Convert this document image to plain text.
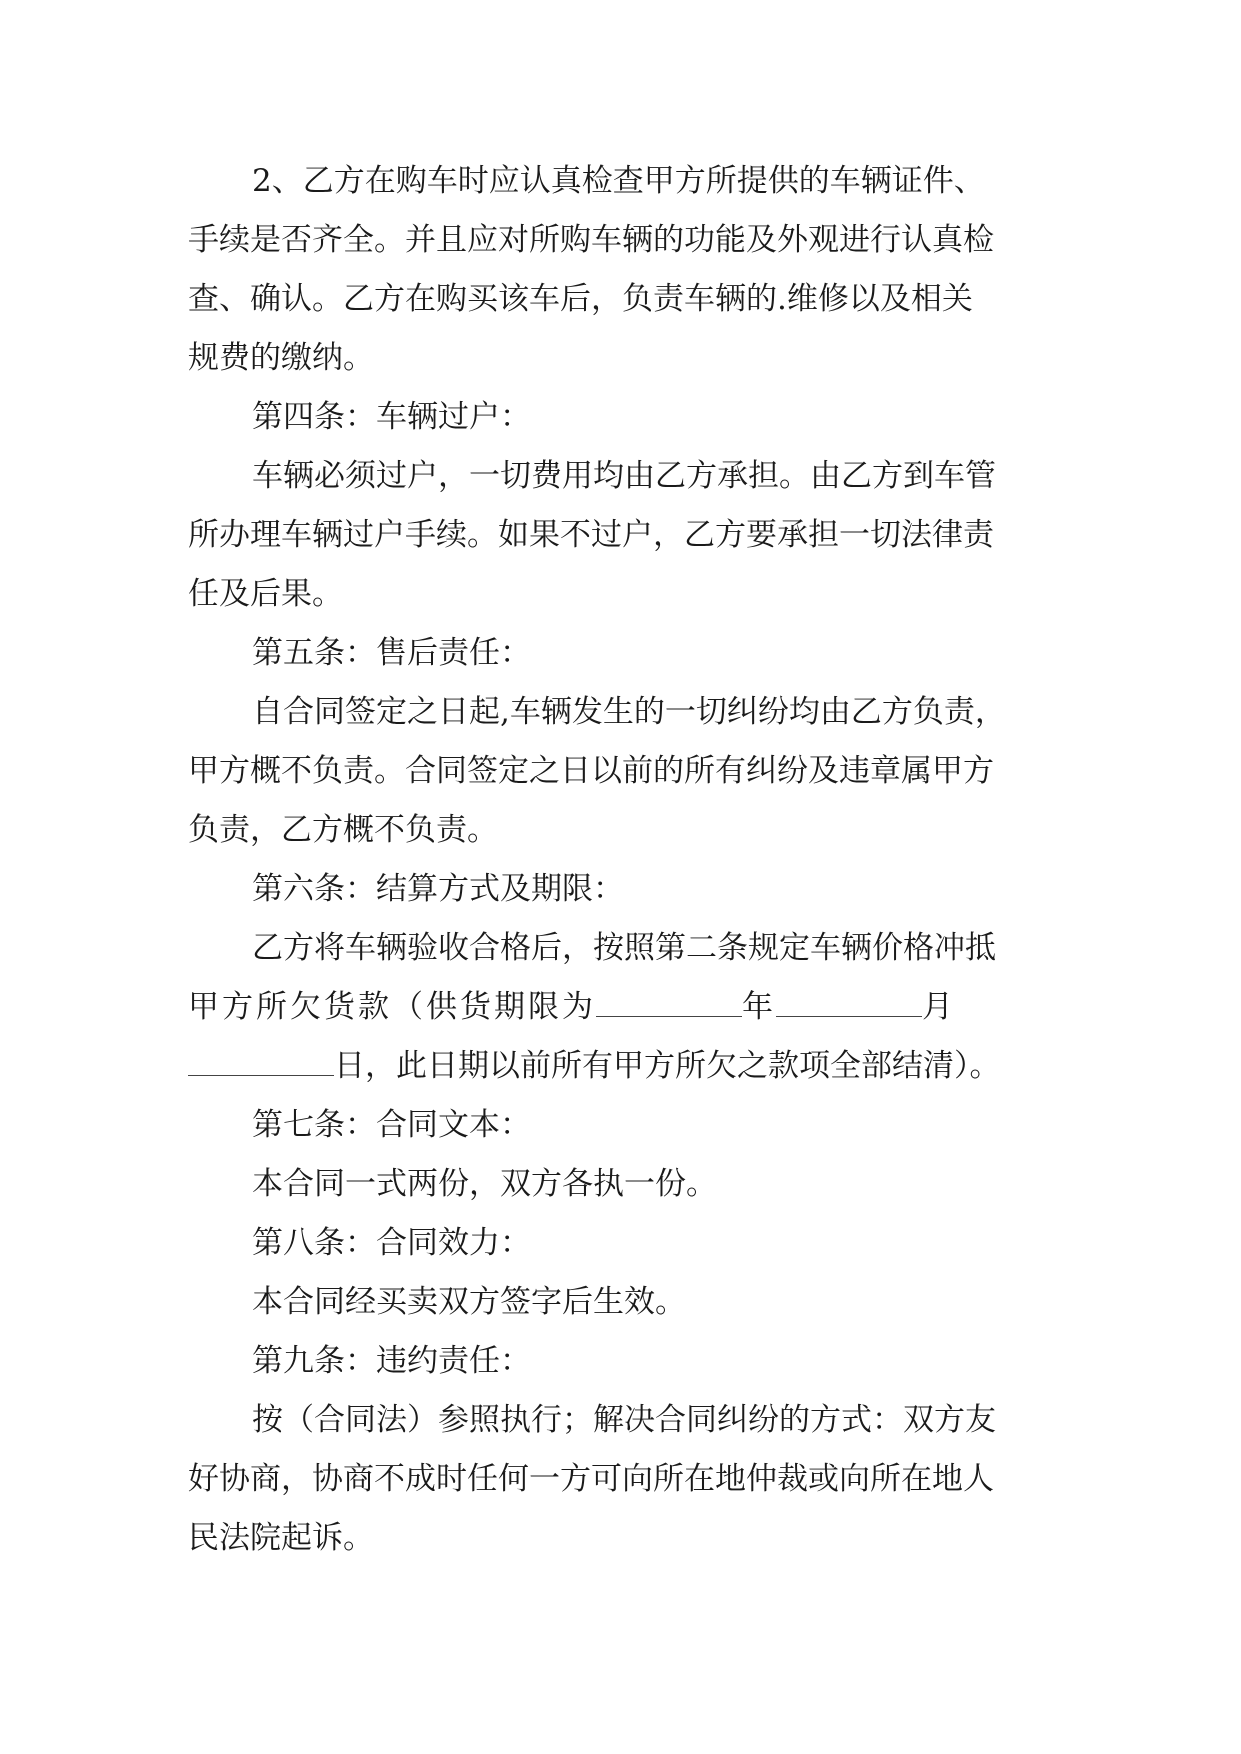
2、乙方在购车时应认真检查甲方所提供的车辆证件、
手续是否齐全。并且应对所购车辆的功能及外观进行认真检
查、确认。乙方在购买该车后，负责车辆的.维修以及相关
规费的缴纳。
第四条：车辆过户：
车辆必须过户，一切费用均由乙方承担。由乙方到车管
所办理车辆过户手续。如果不过户，乙方要承担一切法律责
任及后果。
第五条：售后责任：
自合同签定之日起,车辆发生的一切纠纷均由乙方负责，
甲方概不负责。合同签定之日以前的所有纠纷及违章属甲方
负责，乙方概不负责。
第六条：结算方式及期限：
乙方将车辆验收合格后，按照第二条规定车辆价格冲抵
甲方所欠货款（供货期限为	年	月
日，此日期以前所有甲方所欠之款项全部结清）。
第七条：合同文本：
本合同一式两份，双方各执一份。
第八条：合同效力：
本合同经买卖双方签字后生效。
第九条：违约责任：
按（合同法）参照执行；解决合同纠纷的方式：双方友
好协商，协商不成时任何一方可向所在地仲裁或向所在地人
民法院起诉。
